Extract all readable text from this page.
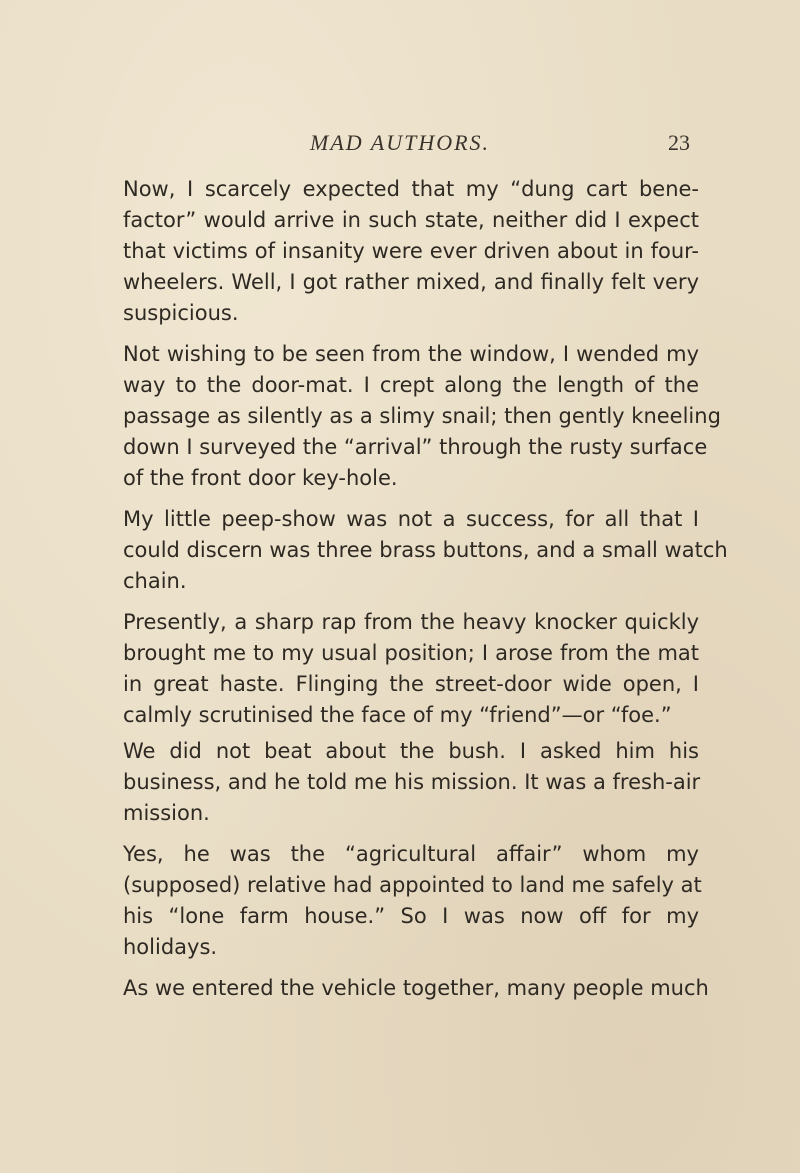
MAD AUTHORS.	23

Now, I scarcely expected that my “dung cart bene-
factor” would arrive in such state, neither did I expect
that victims of insanity were ever driven about in four-
wheelers. Well, I got rather mixed, and finally felt very
suspicious.

Not wishing to be seen from the window, I wended my
way to the door-mat. I crept along the length of the
passage as silently as a slimy snail; then gently kneeling
down I surveyed the “arrival” through the rusty surface
of the front door key-hole.

My little peep-show was not a success, for all that I
could discern was three brass buttons, and a small watch
chain.

Presently, a sharp rap from the heavy knocker quickly
brought me to my usual position; I arose from the mat
in great haste. Flinging the street-door wide open, I
calmly scrutinised the face of my “friend”—or “foe.”

We did not beat about the bush. I asked him his
business, and he told me his mission. It was a fresh-air
mission.

Yes, he was the “agricultural affair” whom my
(supposed) relative had appointed to land me safely at
his “lone farm house.” So I was now off for my
holidays.

As we entered the vehicle together, many people much
